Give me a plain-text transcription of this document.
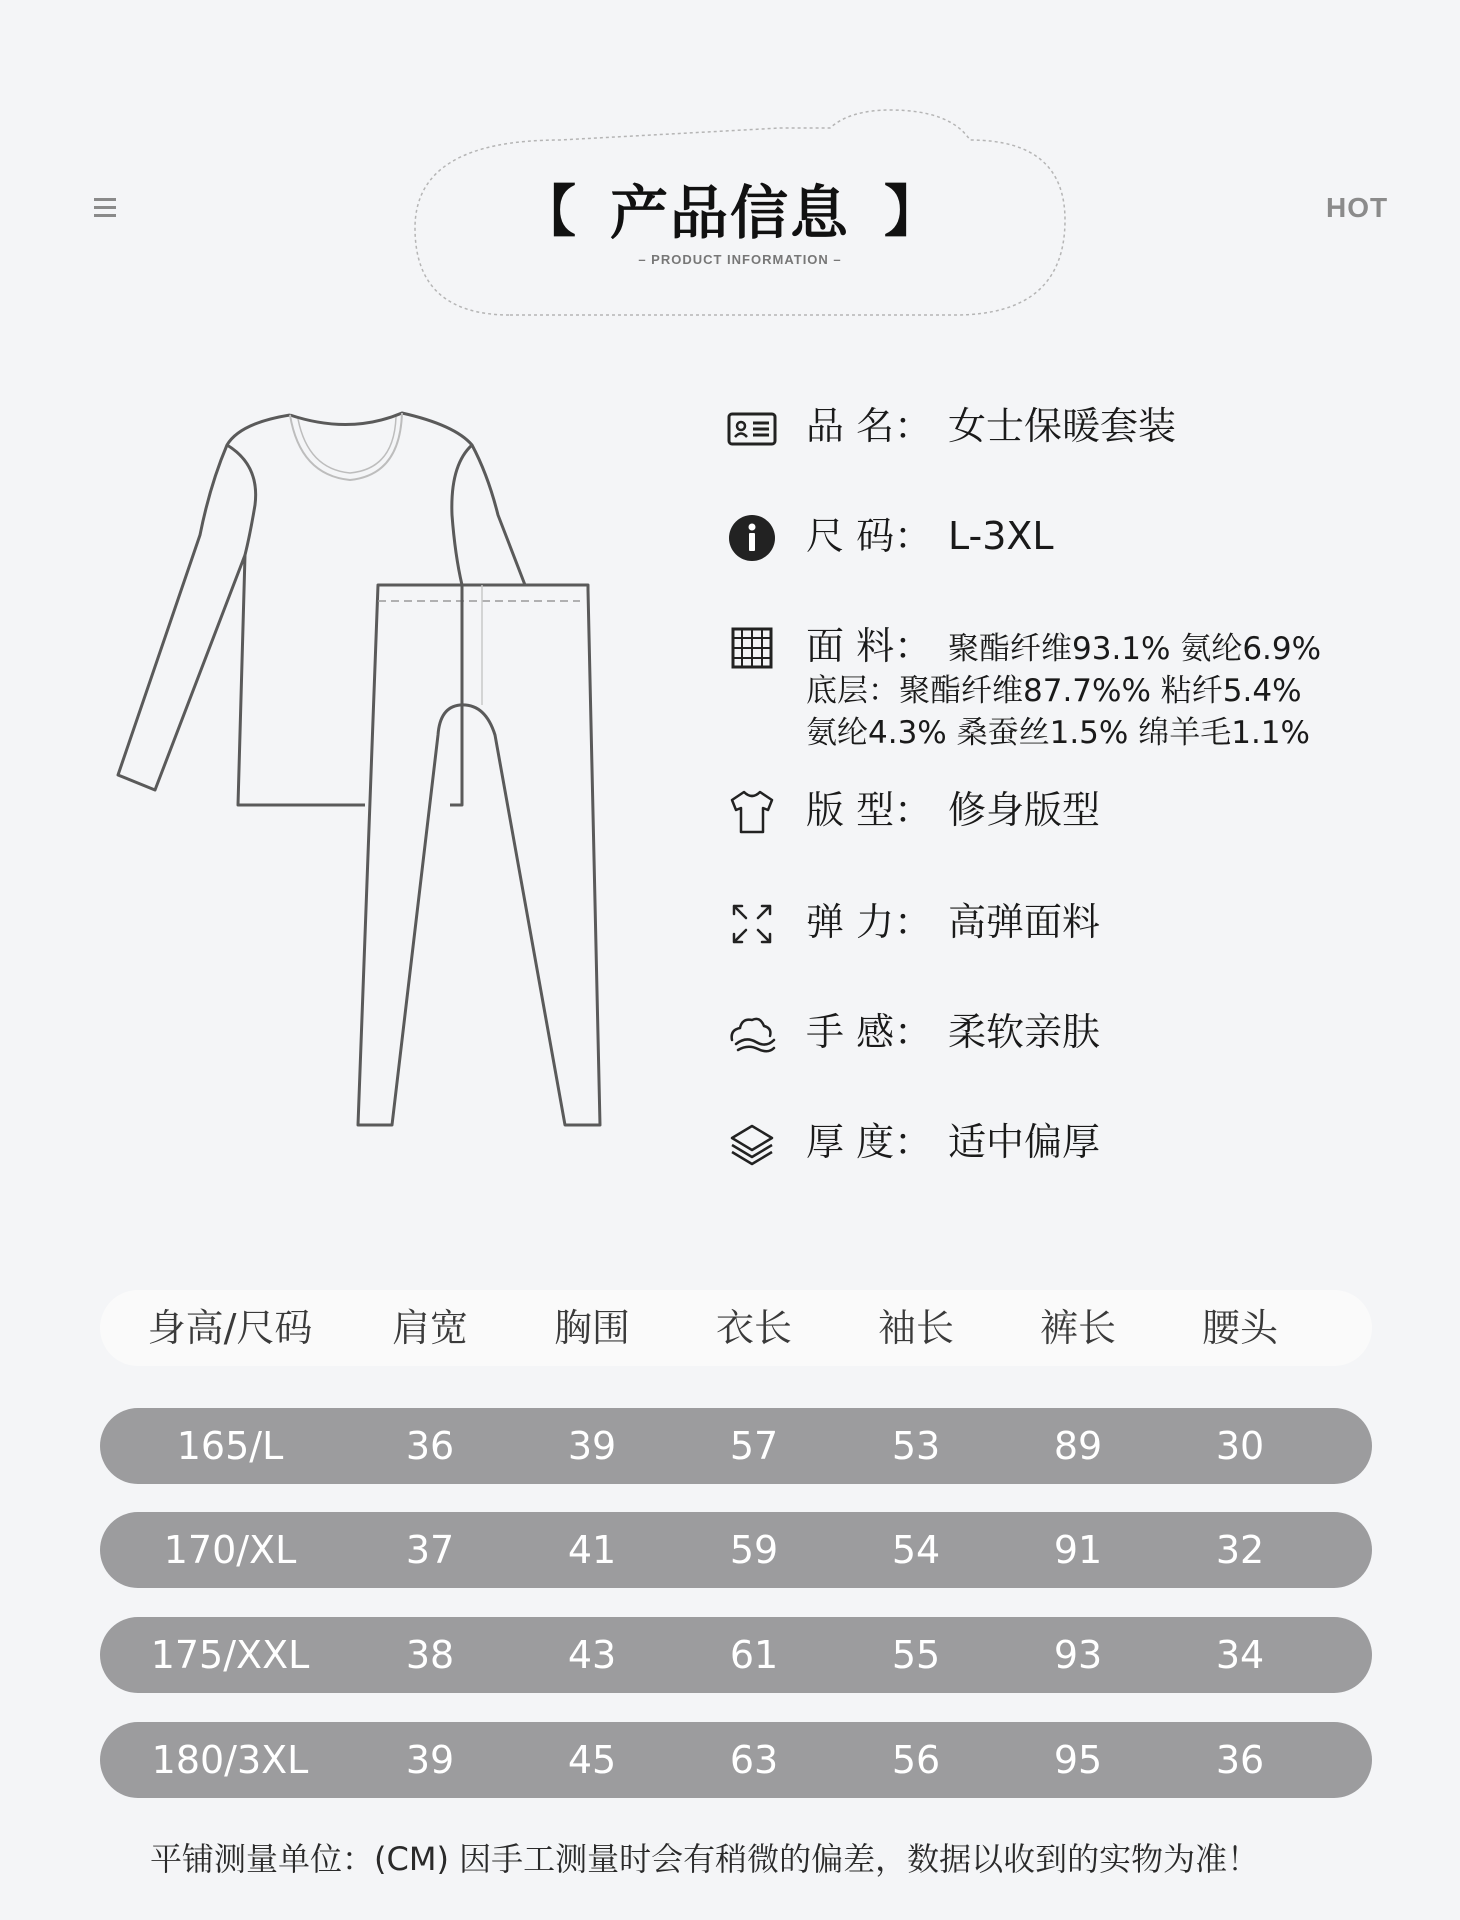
HOT
【 产品信息 】
– PRODUCT INFORMATION –
品 名： 女士保暖套装
尺 码： L-3XL
面 料： 聚酯纤维93.1% 氨纶6.9%
底层：聚酯纤维87.7%% 粘纤5.4%
氨纶4.3% 桑蚕丝1.5% 绵羊毛1.1%
版 型： 修身版型
弹 力： 高弹面料
手 感： 柔软亲肤
厚 度： 适中偏厚
身高/尺码	肩宽	胸围	衣长	袖长	裤长	腰头
165/L	36	39	57	53	89	30
170/XL	37	41	59	54	91	32
175/XXL	38	43	61	55	93	34
180/3XL	39	45	63	56	95	36
平铺测量单位：(CM) 因手工测量时会有稍微的偏差，数据以收到的实物为准！
